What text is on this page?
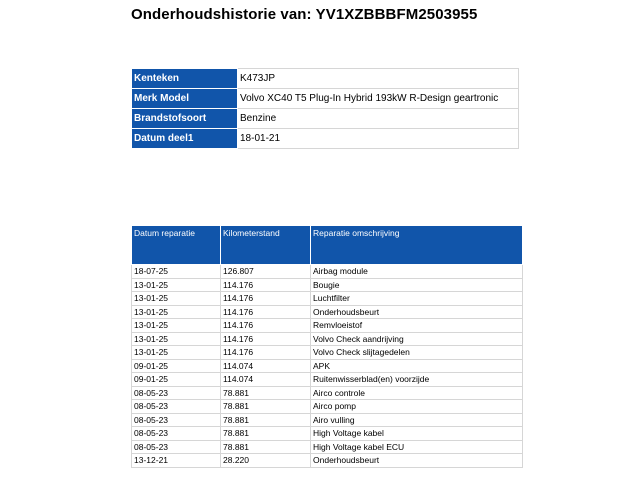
Onderhoudshistorie van: YV1XZBBBFM2503955
Kenteken	K473JP
Merk Model	Volvo XC40 T5 Plug-In Hybrid 193kW R-Design geartronic
Brandstofsoort	Benzine
Datum deel1	18-01-21
Datum reparatie	Kilometerstand	Reparatie omschrijving
18-07-25	126.807	Airbag module
13-01-25	114.176	Bougie
13-01-25	114.176	Luchtfilter
13-01-25	114.176	Onderhoudsbeurt
13-01-25	114.176	Remvloeistof
13-01-25	114.176	Volvo Check aandrijving
13-01-25	114.176	Volvo Check slijtagedelen
09-01-25	114.074	APK
09-01-25	114.074	Ruitenwisserblad(en) voorzijde
08-05-23	78.881	Airco controle
08-05-23	78.881	Airco pomp
08-05-23	78.881	Airo vulling
08-05-23	78.881	High Voltage kabel
08-05-23	78.881	High Voltage kabel ECU
13-12-21	28.220	Onderhoudsbeurt
